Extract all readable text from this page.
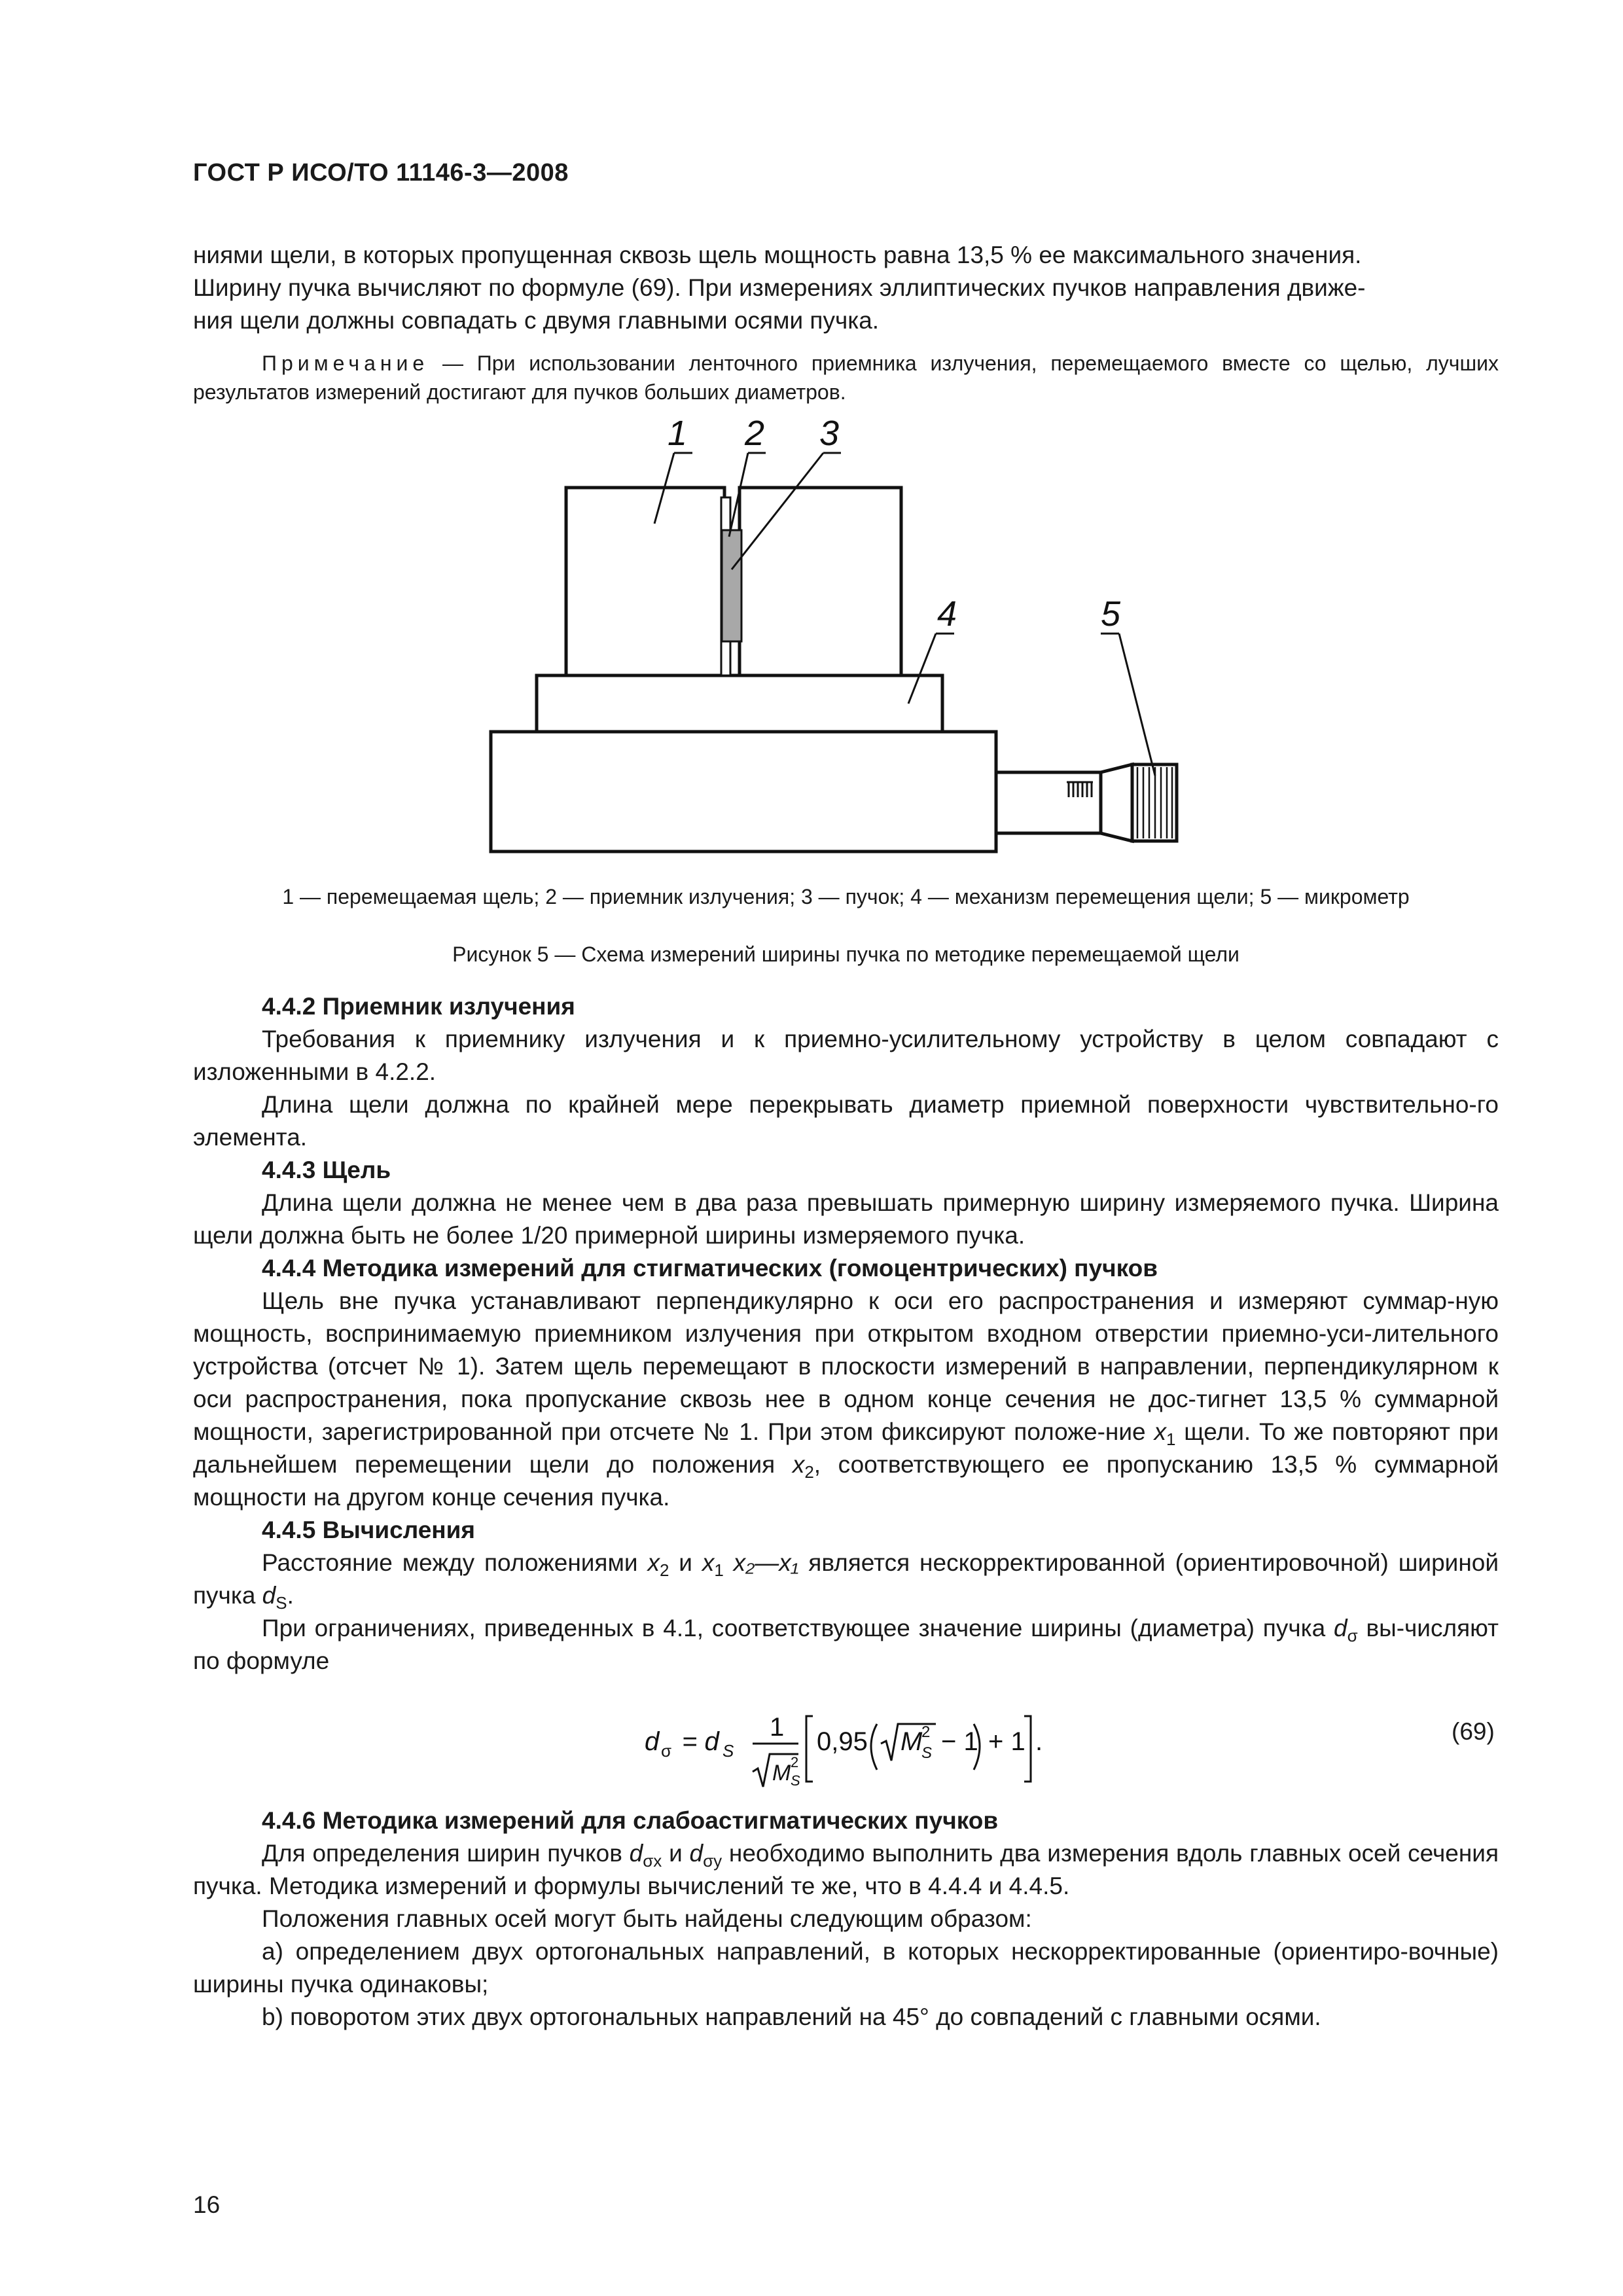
ГОСТ Р ИСО/ТО 11146-3—2008

ниями щели, в которых пропущенная сквозь щель мощность равна 13,5 % ее максимального значения.

Ширину пучка вычисляют по формуле (69). При измерениях эллиптических пучков направления движе-

ния щели должны совпадать с двумя главными осями пучка.

Примечание — При использовании ленточного приемника излучения, перемещаемого вместе со щелью, лучших результатов измерений достигают для пучков больших диаметров.

1 2 3
4	5
1 — перемещаемая щель; 2 — приемник излучения; 3 — пучок; 4 — механизм перемещения щели; 5 — микрометр
Рисунок 5 — Схема измерений ширины пучка по методике перемещаемой щели
4.4.2 Приемник излучения

Требования к приемнику излучения и к приемно-усилительному устройству в целом совпадают с изложенными в 4.2.2.

Длина щели должна по крайней мере перекрывать диаметр приемной поверхности чувствительно-го элемента.

4.4.3 Щель

Длина щели должна не менее чем в два раза превышать примерную ширину измеряемого пучка. Ширина щели должна быть не более 1/20 примерной ширины измеряемого пучка.

4.4.4 Методика измерений для стигматических (гомоцентрических) пучков

Щель вне пучка устанавливают перпендикулярно к оси его распространения и измеряют суммар-ную мощность, воспринимаемую приемником излучения при открытом входном отверстии приемно-уси-лительного устройства (отсчет № 1). Затем щель перемещают в плоскости измерений в направлении, перпендикулярном к оси распространения, пока пропускание сквозь нее в одном конце сечения не дос-тигнет 13,5 % суммарной мощности, зарегистрированной при отсчете № 1. При этом фиксируют положе-ние $x_1$ щели. То же повторяют при дальнейшем перемещении щели до положения $x_2$, соответствующего ее пропусканию 13,5 % суммарной мощности на другом конце сечения пучка.

4.4.5 Вычисления

Расстояние между положениями $x_2$ и $x_1$ x₂—x₁ является нескорректированной (ориентировочной) шириной пучка $d_S$.

При ограничениях, приведенных в 4.1, соответствующее значение ширины (диаметра) пучка $d_\sigma$ вы-числяют по формуле

d σ = d S
1
M 2
S
0,95 M
2
S − 1 + 1 .	(69)
4.4.6 Методика измерений для слабоастигматических пучков

Для определения ширин пучков $d_{\sigma x}$ и $d_{\sigma y}$ необходимо выполнить два измерения вдоль главных осей сечения пучка. Методика измерений и формулы вычислений те же, что в 4.4.4 и 4.4.5.

Положения главных осей могут быть найдены следующим образом:

а) определением двух ортогональных направлений, в которых нескорректированные (ориентиро-вочные) ширины пучка одинаковы;

b) поворотом этих двух ортогональных направлений на 45° до совпадений с главными осями.

16
